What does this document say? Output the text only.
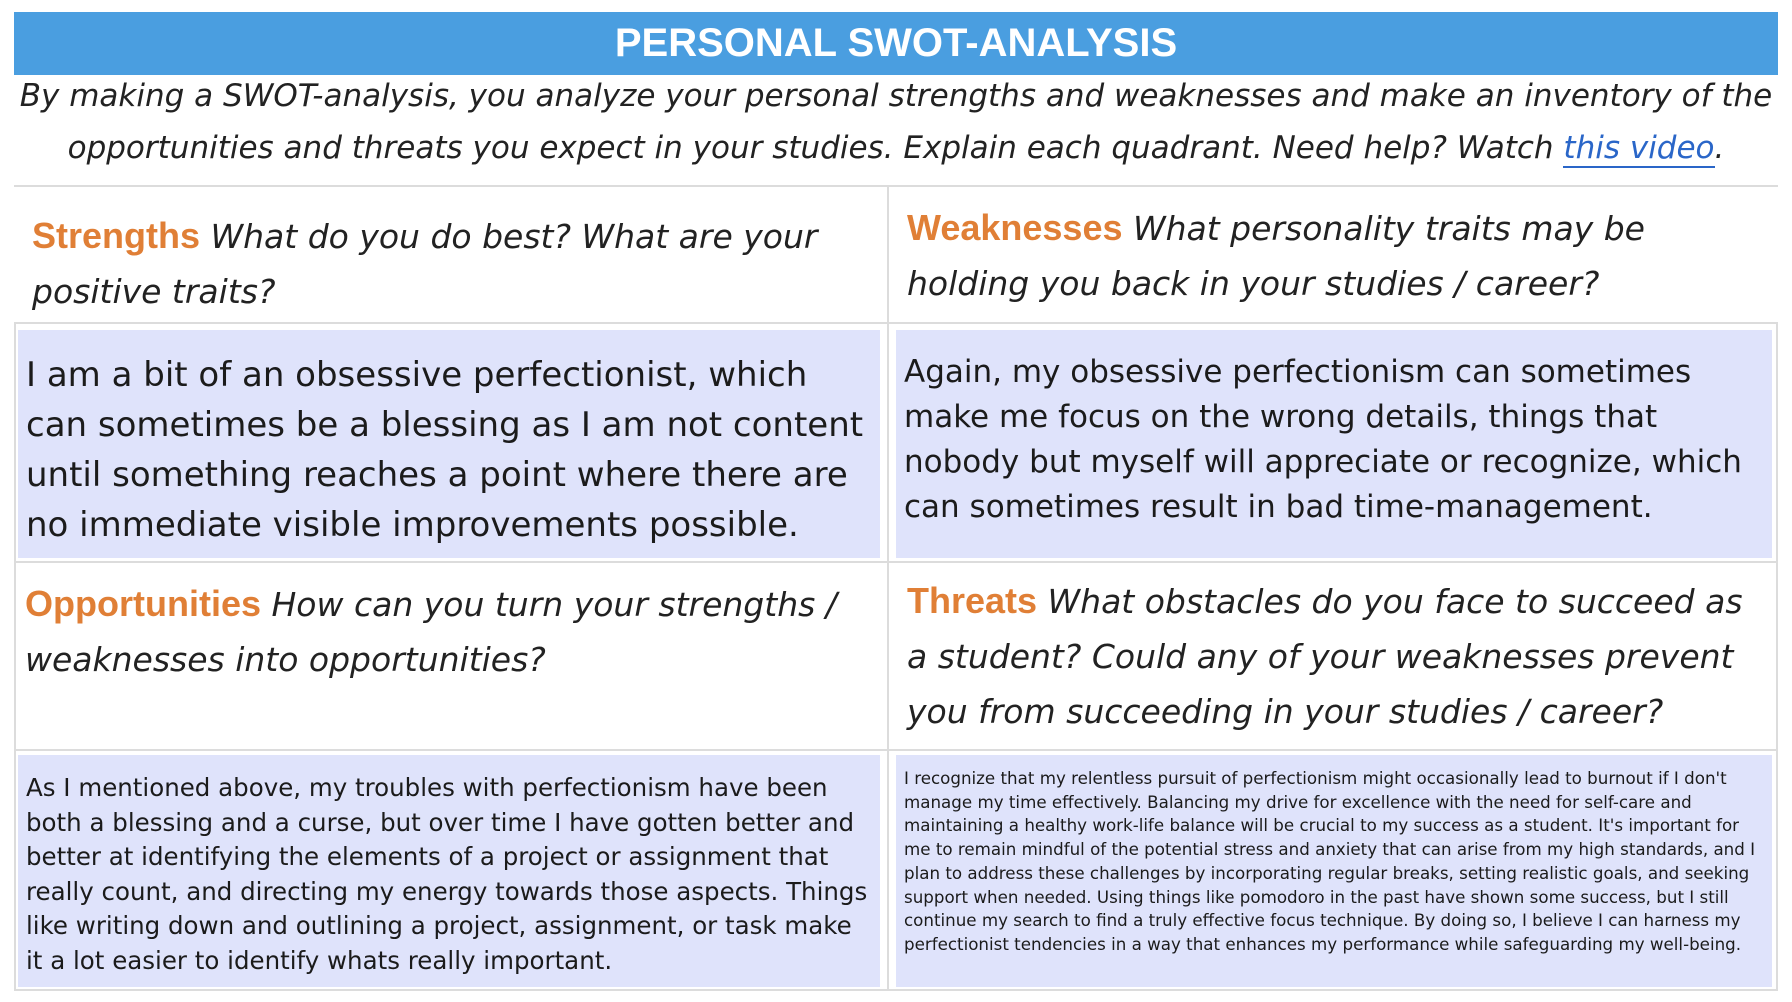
PERSONAL SWOT-ANALYSIS
By making a SWOT-analysis, you analyze your personal strengths and weaknesses and make an inventory of the opportunities and threats you expect in your studies. Explain each quadrant. Need help? Watch this video.
Strengths What do you do best? What are your positive traits?
I am a bit of an obsessive perfectionist, which can sometimes be a blessing as I am not content until something reaches a point where there are no immediate visible improvements possible.
Weaknesses What personality traits may be holding you back in your studies / career?
Again, my obsessive perfectionism can sometimes make me focus on the wrong details, things that nobody but myself will appreciate or recognize, which can sometimes result in bad time-management.
Opportunities How can you turn your strengths / weaknesses into opportunities?
As I mentioned above, my troubles with perfectionism have been both a blessing and a curse, but over time I have gotten better and better at identifying the elements of a project or assignment that really count, and directing my energy towards those aspects. Things like writing down and outlining a project, assignment, or task make it a lot easier to identify whats really important.
Threats What obstacles do you face to succeed as a student? Could any of your weaknesses prevent you from succeeding in your studies / career?
I recognize that my relentless pursuit of perfectionism might occasionally lead to burnout if I don't manage my time effectively. Balancing my drive for excellence with the need for self-care and maintaining a healthy work-life balance will be crucial to my success as a student. It's important for me to remain mindful of the potential stress and anxiety that can arise from my high standards, and I plan to address these challenges by incorporating regular breaks, setting realistic goals, and seeking support when needed. Using things like pomodoro in the past have shown some success, but I still continue my search to find a truly effective focus technique. By doing so, I believe I can harness my perfectionist tendencies in a way that enhances my performance while safeguarding my well-being.
